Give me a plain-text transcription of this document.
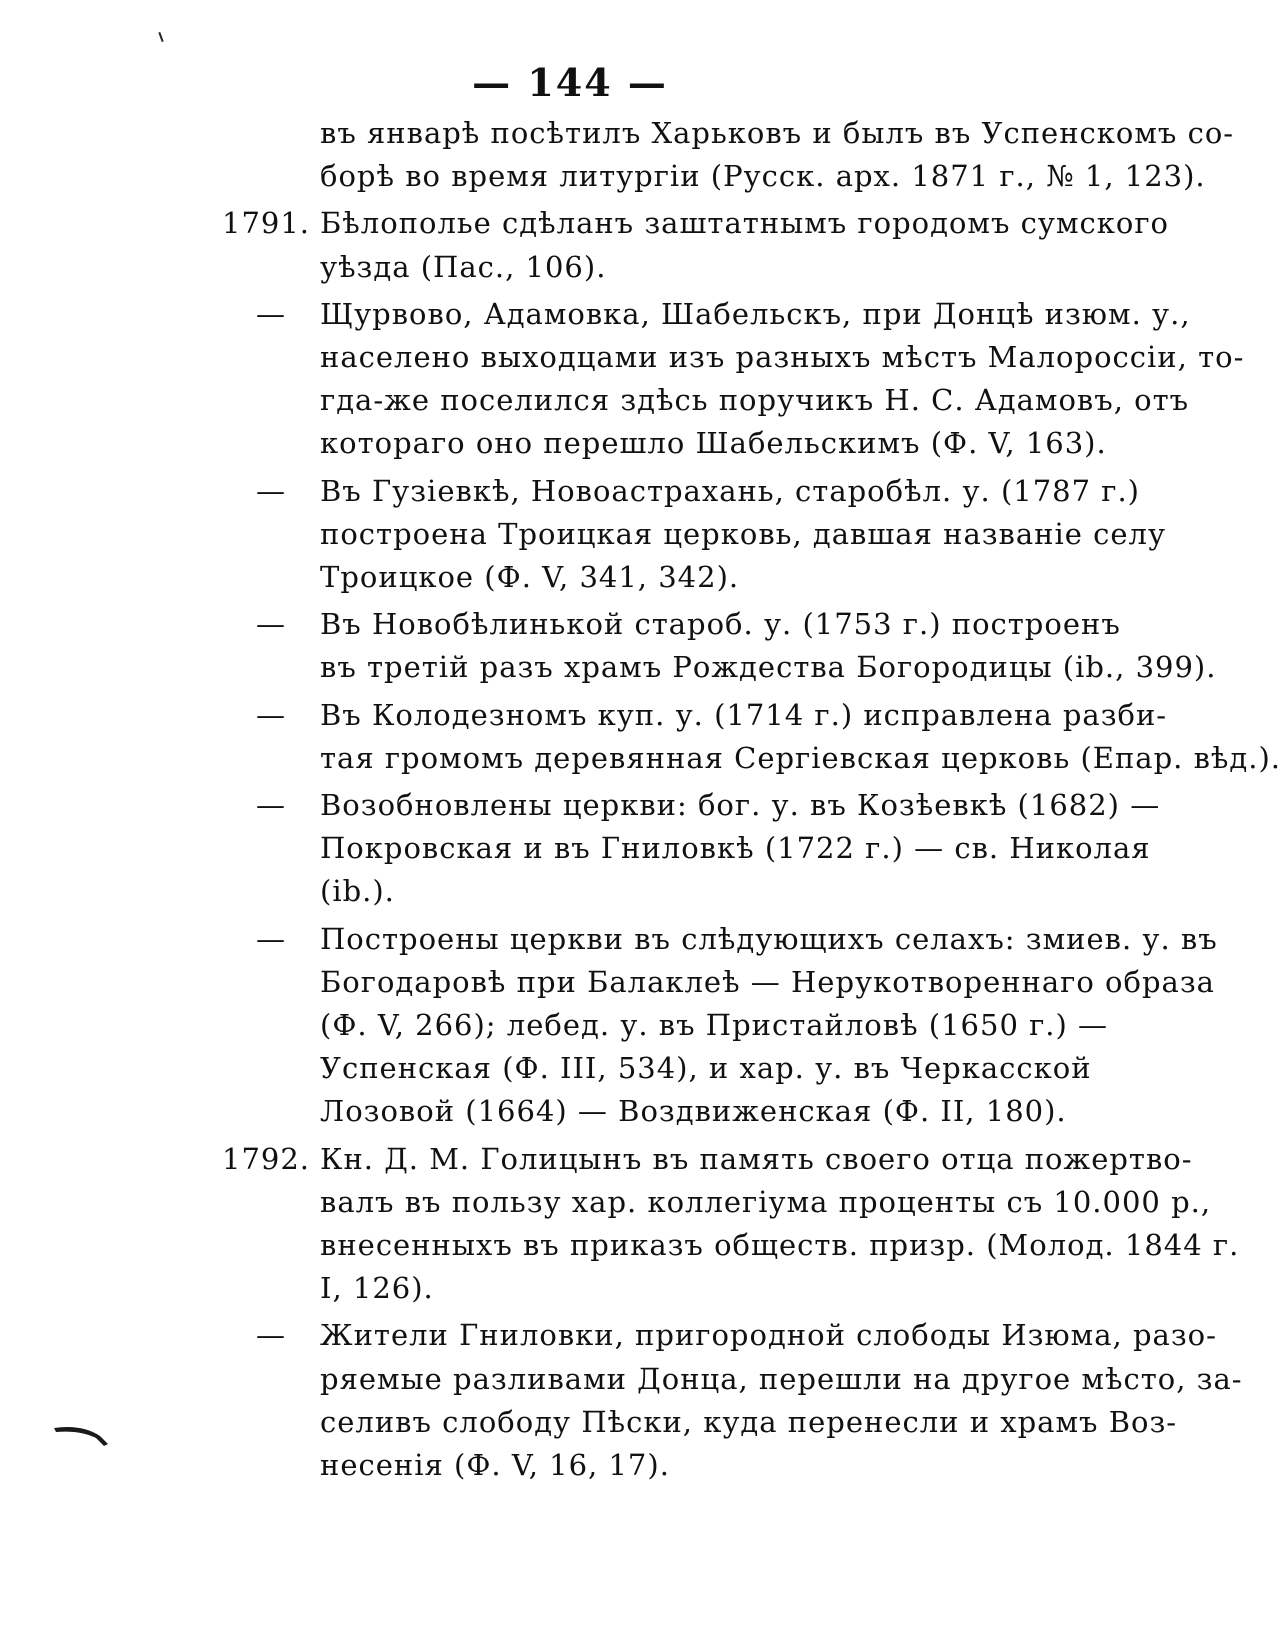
— 144 —
въ январѣ посѣтилъ Харьковъ и былъ въ Успенскомъ со-
борѣ во время литургіи (Русск. арх. 1871 г., № 1, 123).
1791. Бѣлополье сдѣланъ заштатнымъ городомъ сумского
уѣзда (Пас., 106).
—	Щурвово, Адамовка, Шабельскъ, при Донцѣ изюм. у.,
населено выходцами изъ разныхъ мѣстъ Малороссіи, то-
гда-же поселился здѣсь поручикъ Н. С. Адамовъ, отъ
котораго оно перешло Шабельскимъ (Ф. V, 163).
—	Въ Гузіевкѣ, Новоастрахань, старобѣл. у. (1787 г.)
построена Троицкая церковь, давшая названіе селу
Троицкое (Ф. V, 341, 342).
—	Въ Новобѣлинькой староб. у. (1753 г.) построенъ
въ третій разъ храмъ Рождества Богородицы (ib., 399).
—	Въ Колодезномъ куп. у. (1714 г.) исправлена разби-
тая громомъ деревянная Сергіевская церковь (Епар. вѣд.).
—	Возобновлены церкви: бог. у. въ Козѣевкѣ (1682) —
Покровская и въ Гниловкѣ (1722 г.) — св. Николая
(ib.).
—	Построены церкви въ слѣдующихъ селахъ: змиев. у. въ
Богодаровѣ при Балаклеѣ — Нерукотвореннаго образа
(Ф. V, 266); лебед. у. въ Пристайловѣ (1650 г.) —
Успенская (Ф. III, 534), и хар. у. въ Черкасской
Лозовой (1664) — Воздвиженская (Ф. II, 180).
1792. Кн. Д. М. Голицынъ въ память своего отца пожертво-
валъ въ пользу хар. коллегіума проценты съ 10.000 р.,
внесенныхъ въ приказъ обществ. призр. (Молод. 1844 г.
I, 126).
—	Жители Гниловки, пригородной слободы Изюма, разо-
ряемые разливами Донца, перешли на другое мѣсто, за-
селивъ слободу Пѣски, куда перенесли и храмъ Воз-
несенія (Ф. V, 16, 17).
